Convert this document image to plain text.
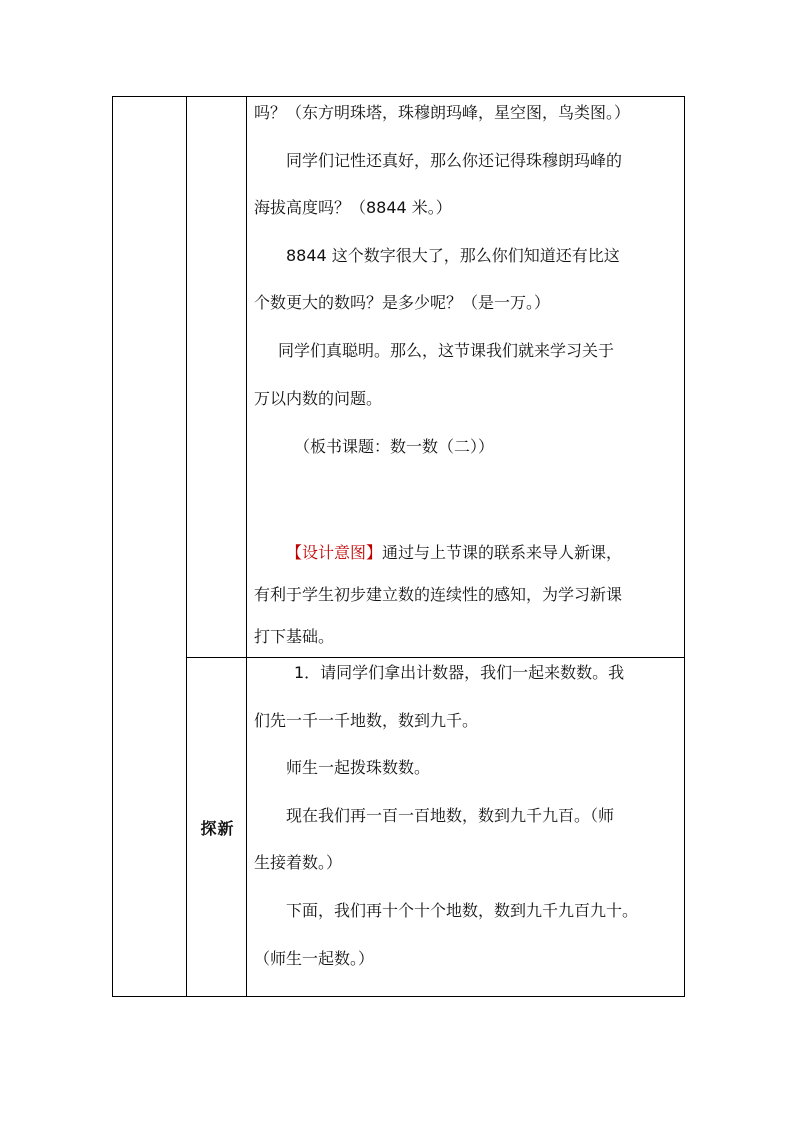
吗？（东方明珠塔，珠穆朗玛峰，星空图，鸟类图。）
同学们记性还真好，那么你还记得珠穆朗玛峰的
海拔高度吗？（8844 米。）
8844 这个数字很大了，那么你们知道还有比这
个数更大的数吗？是多少呢？（是一万。）
同学们真聪明。那么，这节课我们就来学习关于
万以内数的问题。
（板书课题：数一数（二））
【设计意图】通过与上节课的联系来导人新课，
有利于学生初步建立数的连续性的感知，为学习新课
打下基础。
探新
1．请同学们拿出计数器，我们一起来数数。我
们先一千一千地数，数到九千。
师生一起拨珠数数。
现在我们再一百一百地数，数到九千九百。（师
生接着数。）
下面，我们再十个十个地数，数到九千九百九十。
（师生一起数。）
